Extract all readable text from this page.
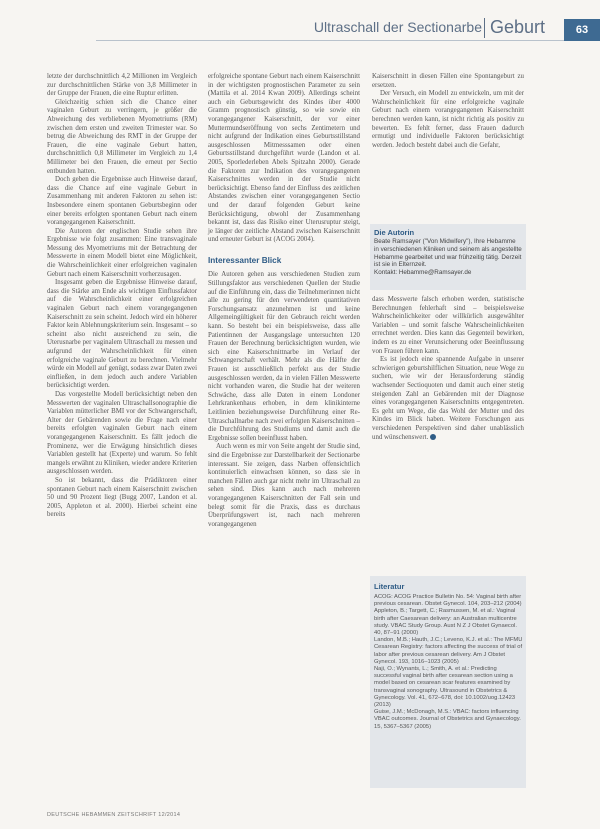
Ultraschall der Sectionarbe Geburt	63

letzte der durchschnittlich 4,2 Millionen im Vergleich zur durchschnittlichen Stärke von 3,8 Millimeter in der Gruppe der Frauen, die eine Ruptur erlitten.

Gleichzeitig schien sich die Chance einer vaginalen Geburt zu verringern, je größer die Abweichung des verbliebenen Myometriums (RM) zwischen dem ersten und zweiten Trimester war. So betrug die Abweichung des RMT in der Gruppe der Frauen, die eine vaginale Geburt hatten, durchschnittlich 0,8 Millimeter im Vergleich zu 1,4 Millimeter bei den Frauen, die erneut per Sectio entbunden hatten.

Doch geben die Ergebnisse auch Hinweise darauf, dass die Chance auf eine vaginale Geburt in Zusammenhang mit anderen Faktoren zu sehen ist: Insbesondere einem spontanen Geburtsbeginn oder einer bereits erfolgten spontanen Geburt nach einem vorangegangenen Kaiserschnitt.

Die Autoren der englischen Studie sehen ihre Ergebnisse wie folgt zusammen: Eine transvaginale Messung des Myometriums mit der Betrachtung der Messwerte in einem Modell bietet eine Möglichkeit, die Wahrscheinlichkeit einer erfolgreichen vaginalen Geburt nach einem Kaiserschnitt vorherzusagen.

Insgesamt geben die Ergebnisse Hinweise darauf, dass die Stärke am Ende als wichtigen Einflussfaktor auf die Wahrscheinlichkeit einer erfolgreichen vaginalen Geburt nach einem vorangegangenen Kaiserschnitt zu sein scheint. Jedoch wird ein höherer Faktor kein Ablehnungskriterium sein. Insgesamt – so scheint also nicht ausreichend zu sein, die Uterusnarbe per vaginalem Ultraschall zu messen und aufgrund der Wahrscheinlichkeit für einen erfolgreiche vaginale Geburt zu berechnen. Vielmehr würde ein Modell auf genügt, sodass zwar Daten zwei einfließen, in dem jedoch auch andere Variablen berücksichtigt werden.

Das vorgestellte Modell berücksichtigt neben den Messwerten der vaginalen Ultraschallsonographie die Variablen mütterlicher BMI vor der Schwangerschaft, Alter der Gebärenden sowie die Frage nach einer bereits erfolgten vaginalen Geburt nach einem vorangegangenen Kaiserschnitt. Es fällt jedoch die Prominenz, wer die Erwägung hinsichtlich dieses Variablen gestellt hat (Experte) und warum. So fehlt mangels erwähnt zu Kliniken, wieder andere Kriterien ausgeschlossen werden.

So ist bekannt, dass die Prädiktoren einer spontanen Geburt nach einem Kaiserschnitt zwischen 50 und 90 Prozent liegt (Bugg 2007, Landon et al. 2005, Appleton et al. 2000). Hierbei scheint eine bereits

erfolgreiche spontane Geburt nach einem Kaiserschnitt in der wichtigsten prognostischen Parameter zu sein (Mattila et al. 2014 Kwan 2009). Allerdings scheint auch ein Geburtsgewicht des Kindes über 4000 Gramm prognostisch günstig, so wie sowie ein vorangegangener Kaiserschnitt, der vor einer Muttermundseröffnung von sechs Zentimetern und nicht aufgrund der Indikation eines Geburtsstillstand ausgeschlossen Mitmesssamen oder einen Geburtsstillstand durchgeführt wurde (Landon et al. 2005, Sporlederleben Abels Spitzahn 2000). Gerade die Faktoren zur Indikation des vorangegangenen Kaiserschnittes werden in der Studie nicht berücksichtigt. Ebenso fand der Einfluss des zeitlichen Abstandes zwischen einer vorangegangenen Sectio und der darauf folgenden Geburt keine Berücksichtigung, obwohl der Zusammenhang bekannt ist, dass das Risiko einer Uterusruptur steigt, je länger der zeitliche Abstand zwischen Kaiserschnitt und erneuter Geburt ist (ACOG 2004).

Interessanter Blick

Die Autoren gehen aus verschiedenen Studien zum Stillungsfaktor aus verschiedenen Quellen der Studie auf die Einführung ein, dass die Teilnehmerinnen nicht alle zu gering für den verwendeten quantitativen Forschungsansatz anzunehmen ist und keine Allgemeingültigkeit für den Gebrauch reicht werden kann. So besteht bei ein beispielsweise, dass alle Patientinnen der Ausgangslage untersuchten 120 Frauen der Berechnung berücksichtigten wurden, wie sich eine Kaiserschnittnarbe im Verlauf der Schwangerschaft verhält. Mehr als die Hälfte der Frauen ist ausschließlich perfekt aus der Studie ausgeschlossen werden, da in vielen Fällen Messwerte nicht vorhanden waren, die Studie hat der weiteren Schwäche, dass alle Daten in einem Londoner Lehrkrankenhaus erhoben, in dem klinikinterne Leitlinien beziehungsweise Durchführung einer Re-Ultraschallnarbe nach zwei erfolgten Kaiserschnitten – die Durchführung des Studiums und damit auch die Ergebnisse sollen beeinflusst haben.

Auch wenn es mir von Seite angeht der Studie sind, sind die Ergebnisse zur Darstellbarkeit der Sectionarbe interessant. Sie zeigen, dass Narben offensichtlich kontinuierlich einwachsen können, so dass sie in manchen Fällen auch gar nicht mehr im Ultraschall zu sehen sind. Dies kann auch nach mehreren vorangegangenen Kaiserschnitten der Fall sein und belegt somit für die Praxis, dass es durchaus Überprüfungswert ist, nach nach mehreren vorangegangenen

Kaiserschnitt in diesen Fällen eine Spontangeburt zu ersetzen.

Der Versuch, ein Modell zu entwickeln, um mit der Wahrscheinlichkeit für eine erfolgreiche vaginale Geburt nach einem vorangegangenen Kaiserschnitt berechnen werden kann, ist nicht richtig als positiv zu bewerten. Es fehlt ferner, dass Frauen dadurch ermutigt und individuelle Faktoren berücksichtigt werden. Jedoch besteht dabei auch die Gefahr,

Die Autorin
Beate Ramsayer ("Von Midwifery"), Ihre Hebamme in verschiedenen Kliniken und seinem als angestellte Hebamme gearbeitet und war frühzeitig tätig. Derzeit ist sie in Elternzeit.
Kontakt: Hebamme@Ramsayer.de

dass Messwerte falsch erhoben werden, statistische Berechnungen fehlerhaft sind – beispielsweise Wahrscheinlichkeiter oder willkürlich ausgewählter Variablen – und somit falsche Wahrscheinlichkeiten errechnet werden. Dies kann das Gegenteil bewirken, indem es zu einer Verunsicherung oder Beeinflussung von Frauen führen kann.

Es ist jedoch eine spannende Aufgabe in unserer schwierigen geburtshilflichen Situation, neue Wege zu suchen, wie wir der Herausforderung ständig wachsender Sectioquoten und damit auch einer stetig steigenden Zahl an Gebärenden mit der Diagnose eines vorangegangenen Kaiserschnitts entgegentreten. Es geht um Wege, die das Wohl der Mutter und des Kindes im Blick haben. Weitere Forschungen aus verschiedenen Perspektiven sind daher unablässlich und wünschenswert.

Literatur
ACOG: ACOG Practice Bulletin No. 54: Vaginal birth after previous cesarean. Obstet Gynecol. 104, 203–212 (2004)
Appleton, B.; Targett, C.; Rasmussen, M. et al.: Vaginal birth after Caesarean delivery: an Australian multicentre study. VBAC Study Group. Aust N Z J Obstet Gynaecol. 40, 87–91 (2000)
Landon, M.B.; Hauth, J.C.; Leveno, K.J. et al.: The MFMU Cesarean Registry: factors affecting the success of trial of labor after previous cesarean delivery. Am J Obstet Gynecol. 193, 1016–1023 (2005)
Naji, O.; Wynants, L.; Smith, A. et al.: Predicting successful vaginal birth after cesarean section using a model based on cesarean scar features examined by transvaginal sonography. Ultrasound in Obstetrics & Gynecology. Vol. 41, 672–678, doi: 10.1002/uog.12423 (2013)
Guise, J.M.; McDonagh, M.S.: VBAC: factors influencing VBAC outcomes. Journal of Obstetrics and Gynaecology. 15, 5367–5367 (2005)
DEUTSCHE HEBAMMEN ZEITSCHRIFT 12/2014
